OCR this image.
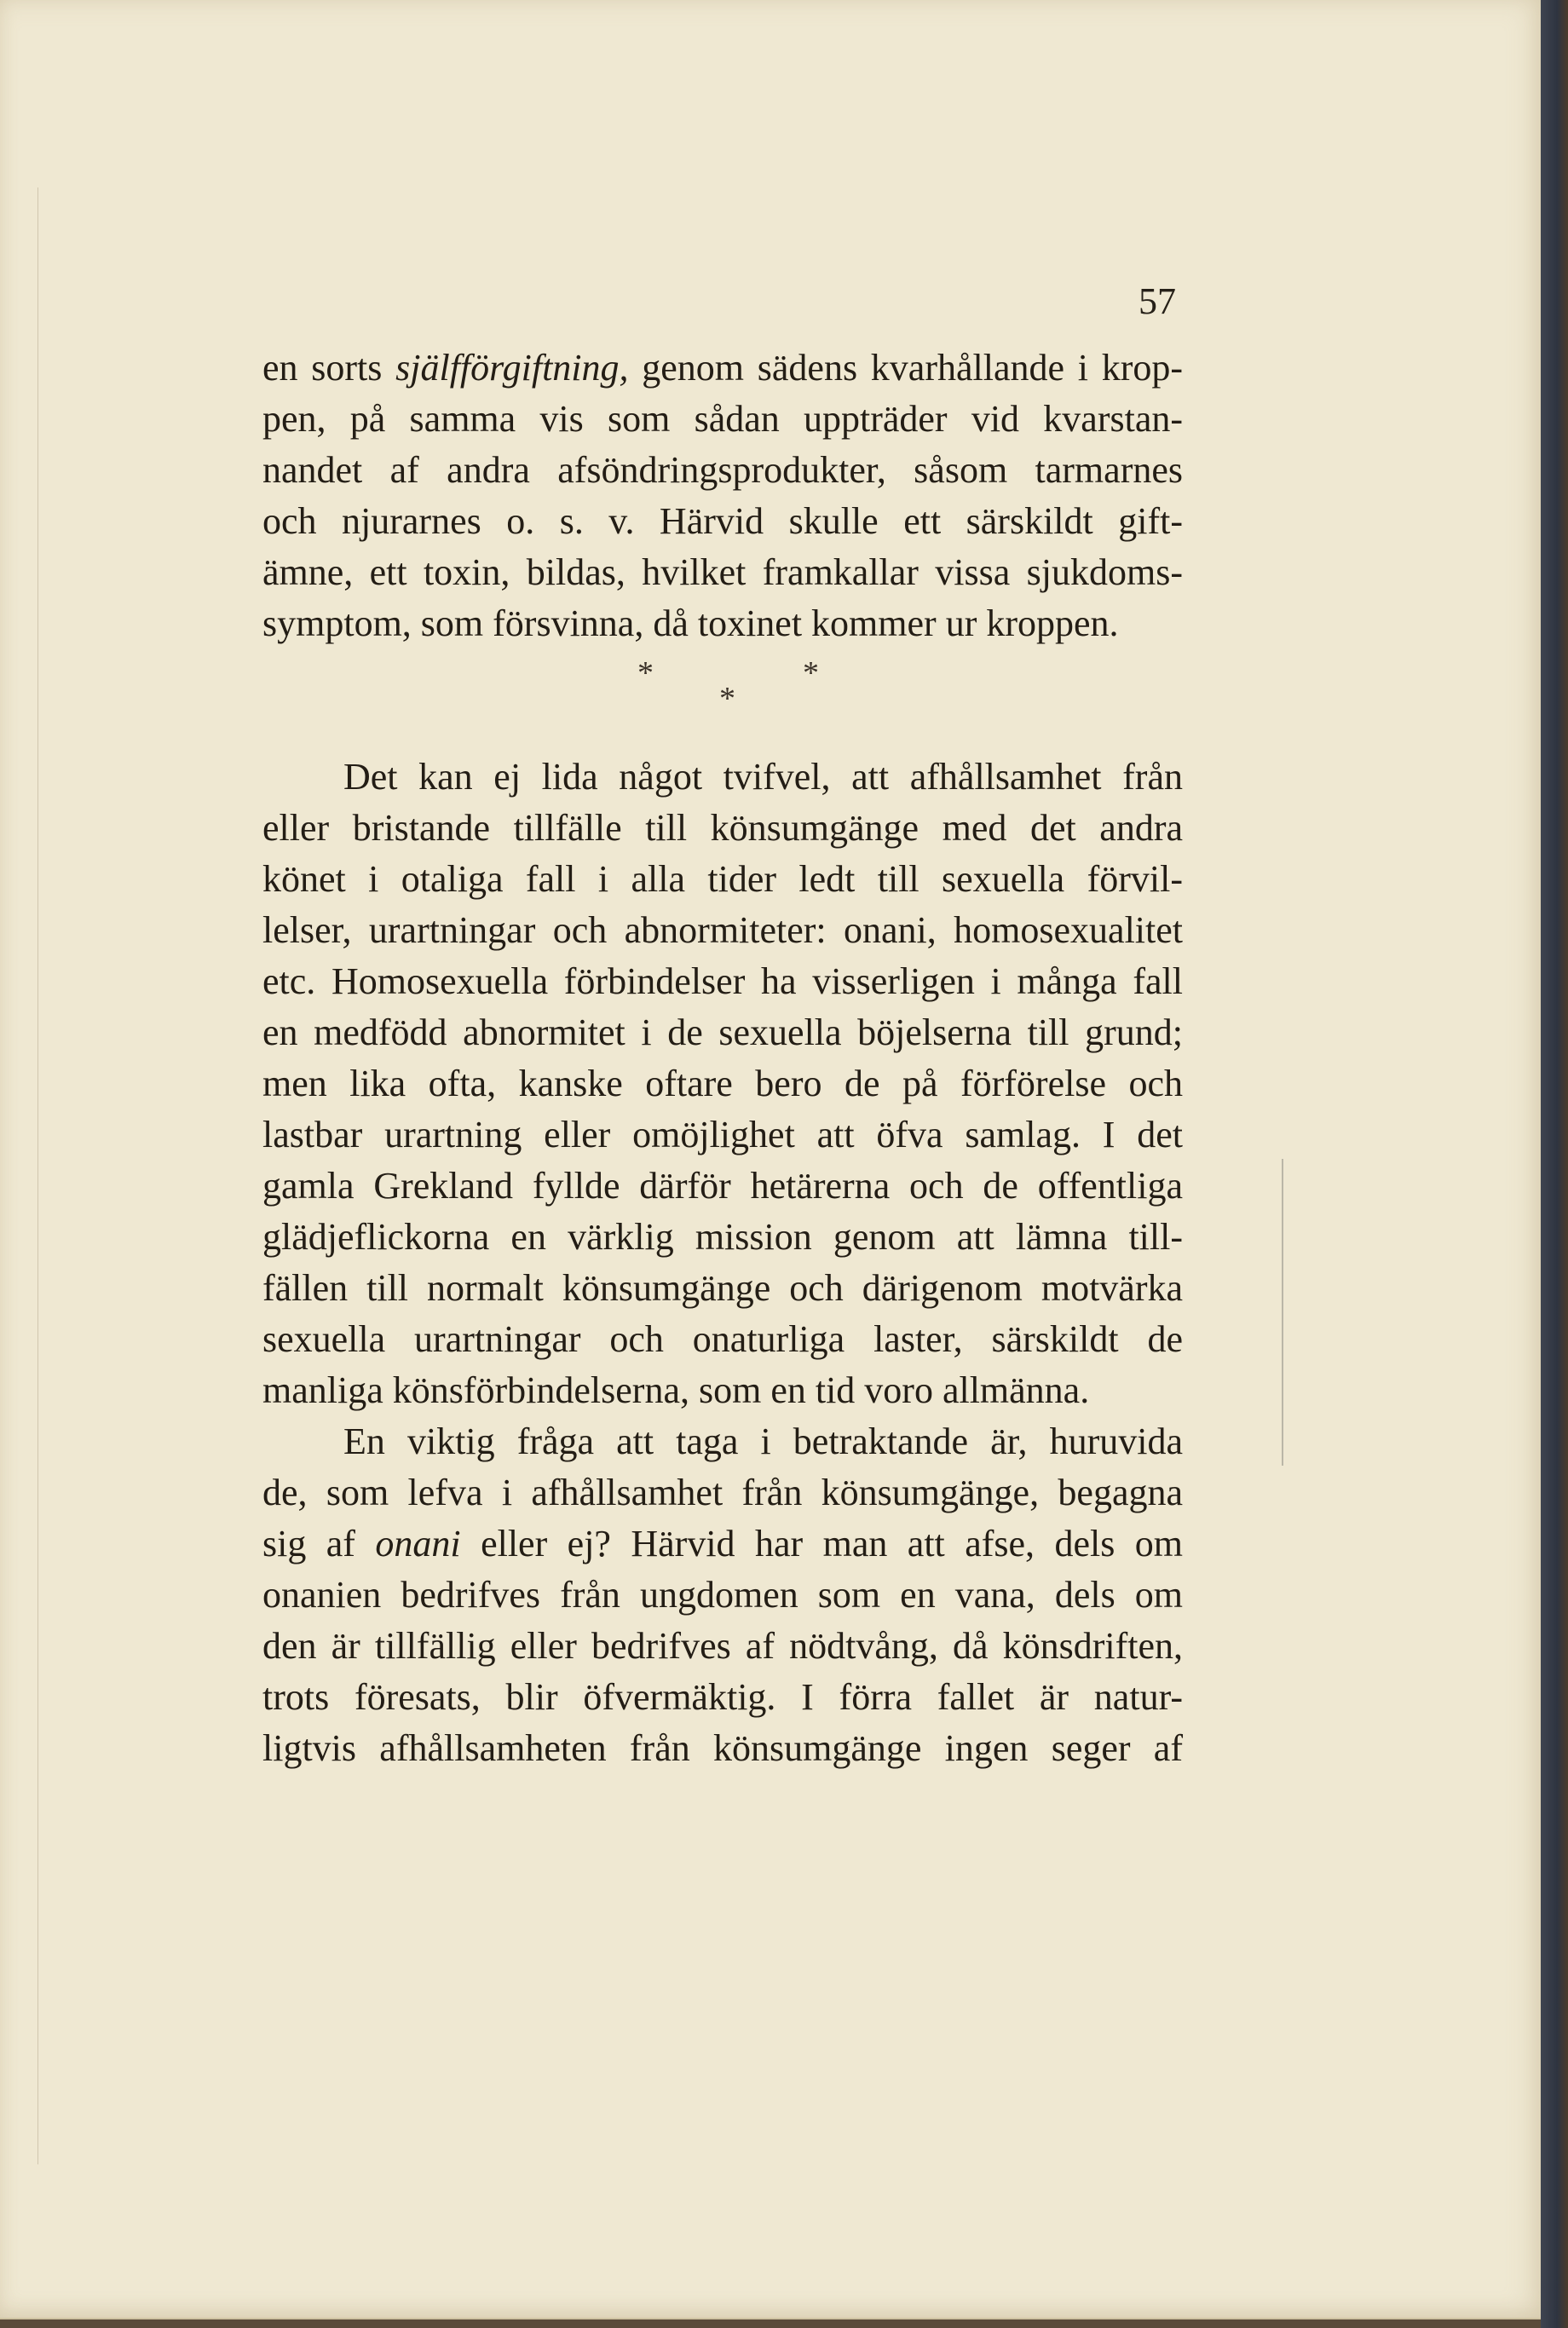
57
en sorts själfförgiftning, genom sädens kvarhållande i krop-
pen, på samma vis som sådan uppträder vid kvarstan-
nandet af andra afsöndringsprodukter, såsom tarmarnes
och njurarnes o. s. v. Härvid skulle ett särskildt gift-
ämne, ett toxin, bildas, hvilket framkallar vissa sjukdoms-
symptom, som försvinna, då toxinet kommer ur kroppen.
*
*
*
Det kan ej lida något tvifvel, att afhållsamhet från
eller bristande tillfälle till könsumgänge med det andra
könet i otaliga fall i alla tider ledt till sexuella förvil-
lelser, urartningar och abnormiteter: onani, homosexualitet
etc. Homosexuella förbindelser ha visserligen i många fall
en medfödd abnormitet i de sexuella böjelserna till grund;
men lika ofta, kanske oftare bero de på förförelse och
lastbar urartning eller omöjlighet att öfva samlag. I det
gamla Grekland fyllde därför hetärerna och de offentliga
glädjeflickorna en värklig mission genom att lämna till-
fällen till normalt könsumgänge och därigenom motvärka
sexuella urartningar och onaturliga laster, särskildt de
manliga könsförbindelserna, som en tid voro allmänna.
En viktig fråga att taga i betraktande är, huruvida
de, som lefva i afhållsamhet från könsumgänge, begagna
sig af onani eller ej? Härvid har man att afse, dels om
onanien bedrifves från ungdomen som en vana, dels om
den är tillfällig eller bedrifves af nödtvång, då könsdriften,
trots föresats, blir öfvermäktig. I förra fallet är natur-
ligtvis afhållsamheten från könsumgänge ingen seger af
